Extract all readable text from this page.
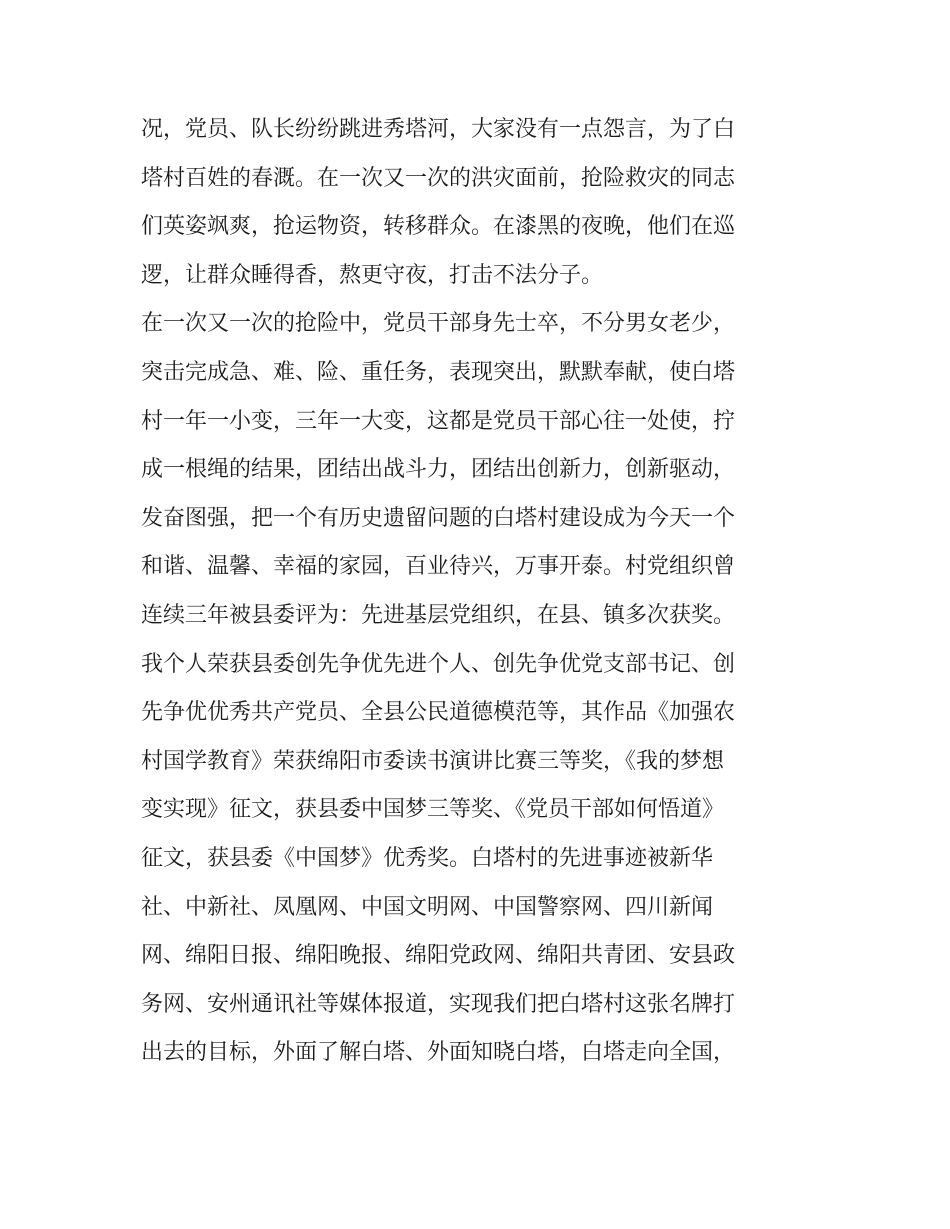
况，党员、队长纷纷跳进秀塔河，大家没有一点怨言，为了白
塔村百姓的春溉。在一次又一次的洪灾面前，抢险救灾的同志
们英姿飒爽，抢运物资，转移群众。在漆黑的夜晚，他们在巡
逻，让群众睡得香，熬更守夜，打击不法分子。
在一次又一次的抢险中，党员干部身先士卒，不分男女老少，
突击完成急、难、险、重任务，表现突出，默默奉献，使白塔
村一年一小变，三年一大变，这都是党员干部心往一处使，拧
成一根绳的结果，团结出战斗力，团结出创新力，创新驱动，
发奋图强，把一个有历史遗留问题的白塔村建设成为今天一个
和谐、温馨、幸福的家园，百业待兴，万事开泰。村党组织曾
连续三年被县委评为：先进基层党组织，在县、镇多次获奖。
我个人荣获县委创先争优先进个人、创先争优党支部书记、创
先争优优秀共产党员、全县公民道德模范等，其作品《加强农
村国学教育》荣获绵阳市委读书演讲比赛三等奖，《我的梦想
变实现》征文，获县委中国梦三等奖、《党员干部如何悟道》
征文，获县委《中国梦》优秀奖。白塔村的先进事迹被新华
社、中新社、凤凰网、中国文明网、中国警察网、四川新闻
网、绵阳日报、绵阳晚报、绵阳党政网、绵阳共青团、安县政
务网、安州通讯社等媒体报道，实现我们把白塔村这张名牌打
出去的目标，外面了解白塔、外面知晓白塔，白塔走向全国，
